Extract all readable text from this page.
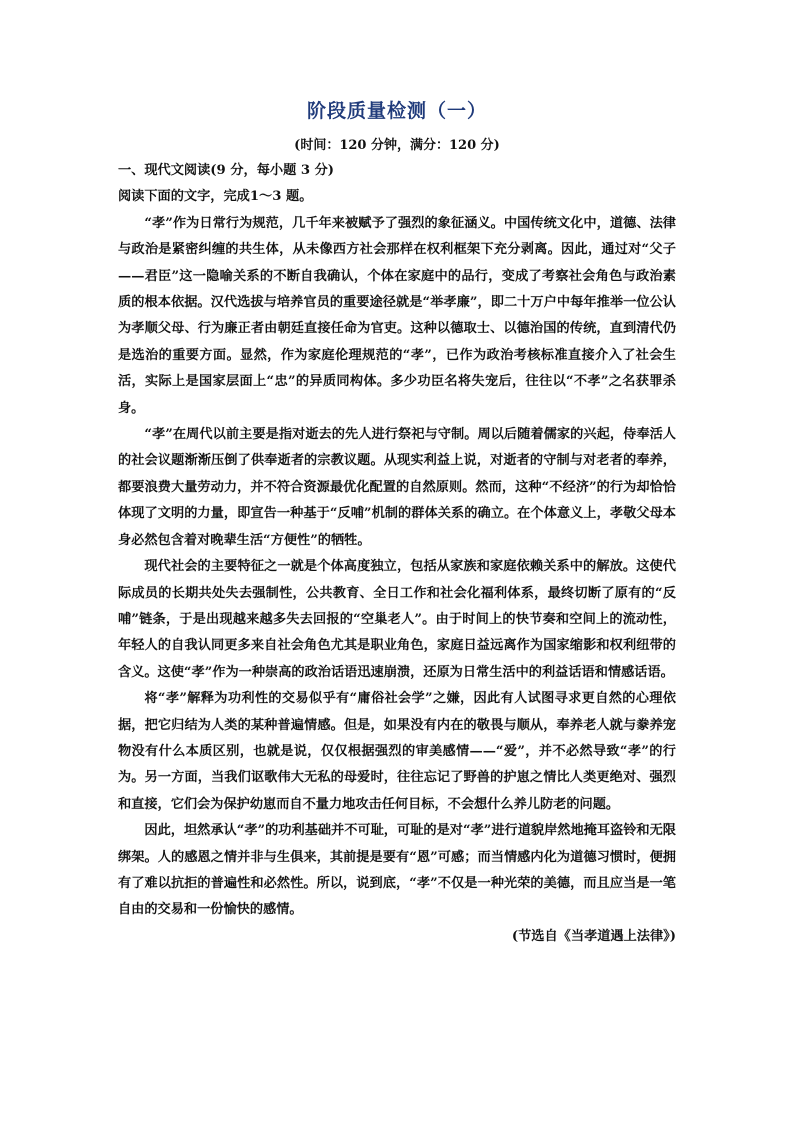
阶段质量检测（一）
(时间：120 分钟，满分：120 分)

一、现代文阅读(9 分，每小题 3 分)

阅读下面的文字，完成1～3 题。

“孝”作为日常行为规范，几千年来被赋予了强烈的象征涵义。中国传统文化中，道德、法律与政治是紧密纠缠的共生体，从未像西方社会那样在权利框架下充分剥离。因此，通过对“父子——君臣”这一隐喻关系的不断自我确认，个体在家庭中的品行，变成了考察社会角色与政治素质的根本依据。汉代选拔与培养官员的重要途径就是“举孝廉”，即二十万户中每年推举一位公认为孝顺父母、行为廉正者由朝廷直接任命为官吏。这种以德取士、以德治国的传统，直到清代仍是选治的重要方面。显然，作为家庭伦理规范的“孝”，已作为政治考核标准直接介入了社会生活，实际上是国家层面上“忠”的异质同构体。多少功臣名将失宠后，往往以“不孝”之名获罪杀身。

“孝”在周代以前主要是指对逝去的先人进行祭祀与守制。周以后随着儒家的兴起，侍奉活人的社会议题渐渐压倒了供奉逝者的宗教议题。从现实利益上说，对逝者的守制与对老者的奉养，都要浪费大量劳动力，并不符合资源最优化配置的自然原则。然而，这种“不经济”的行为却恰恰体现了文明的力量，即宣告一种基于“反哺”机制的群体关系的确立。在个体意义上，孝敬父母本身必然包含着对晚辈生活“方便性”的牺牲。

现代社会的主要特征之一就是个体高度独立，包括从家族和家庭依赖关系中的解放。这使代际成员的长期共处失去强制性，公共教育、全日工作和社会化福利体系，最终切断了原有的“反哺”链条，于是出现越来越多失去回报的“空巢老人”。由于时间上的快节奏和空间上的流动性，年轻人的自我认同更多来自社会角色尤其是职业角色，家庭日益远离作为国家缩影和权利纽带的含义。这使“孝”作为一种崇高的政治话语迅速崩溃，还原为日常生活中的利益话语和情感话语。

将“孝”解释为功利性的交易似乎有“庸俗社会学”之嫌，因此有人试图寻求更自然的心理依据，把它归结为人类的某种普遍情感。但是，如果没有内在的敬畏与顺从，奉养老人就与豢养宠物没有什么本质区别，也就是说，仅仅根据强烈的审美感情——“爱”，并不必然导致“孝”的行为。另一方面，当我们讴歌伟大无私的母爱时，往往忘记了野兽的护崽之情比人类更绝对、强烈和直接，它们会为保护幼崽而自不量力地攻击任何目标，不会想什么养儿防老的问题。

因此，坦然承认“孝”的功利基础并不可耻，可耻的是对“孝”进行道貌岸然地掩耳盗铃和无限绑架。人的感恩之情并非与生俱来，其前提是要有“恩”可感；而当情感内化为道德习惯时，便拥有了难以抗拒的普遍性和必然性。所以，说到底，“孝”不仅是一种光荣的美德，而且应当是一笔自由的交易和一份愉快的感情。

(节选自《当孝道遇上法律》)
